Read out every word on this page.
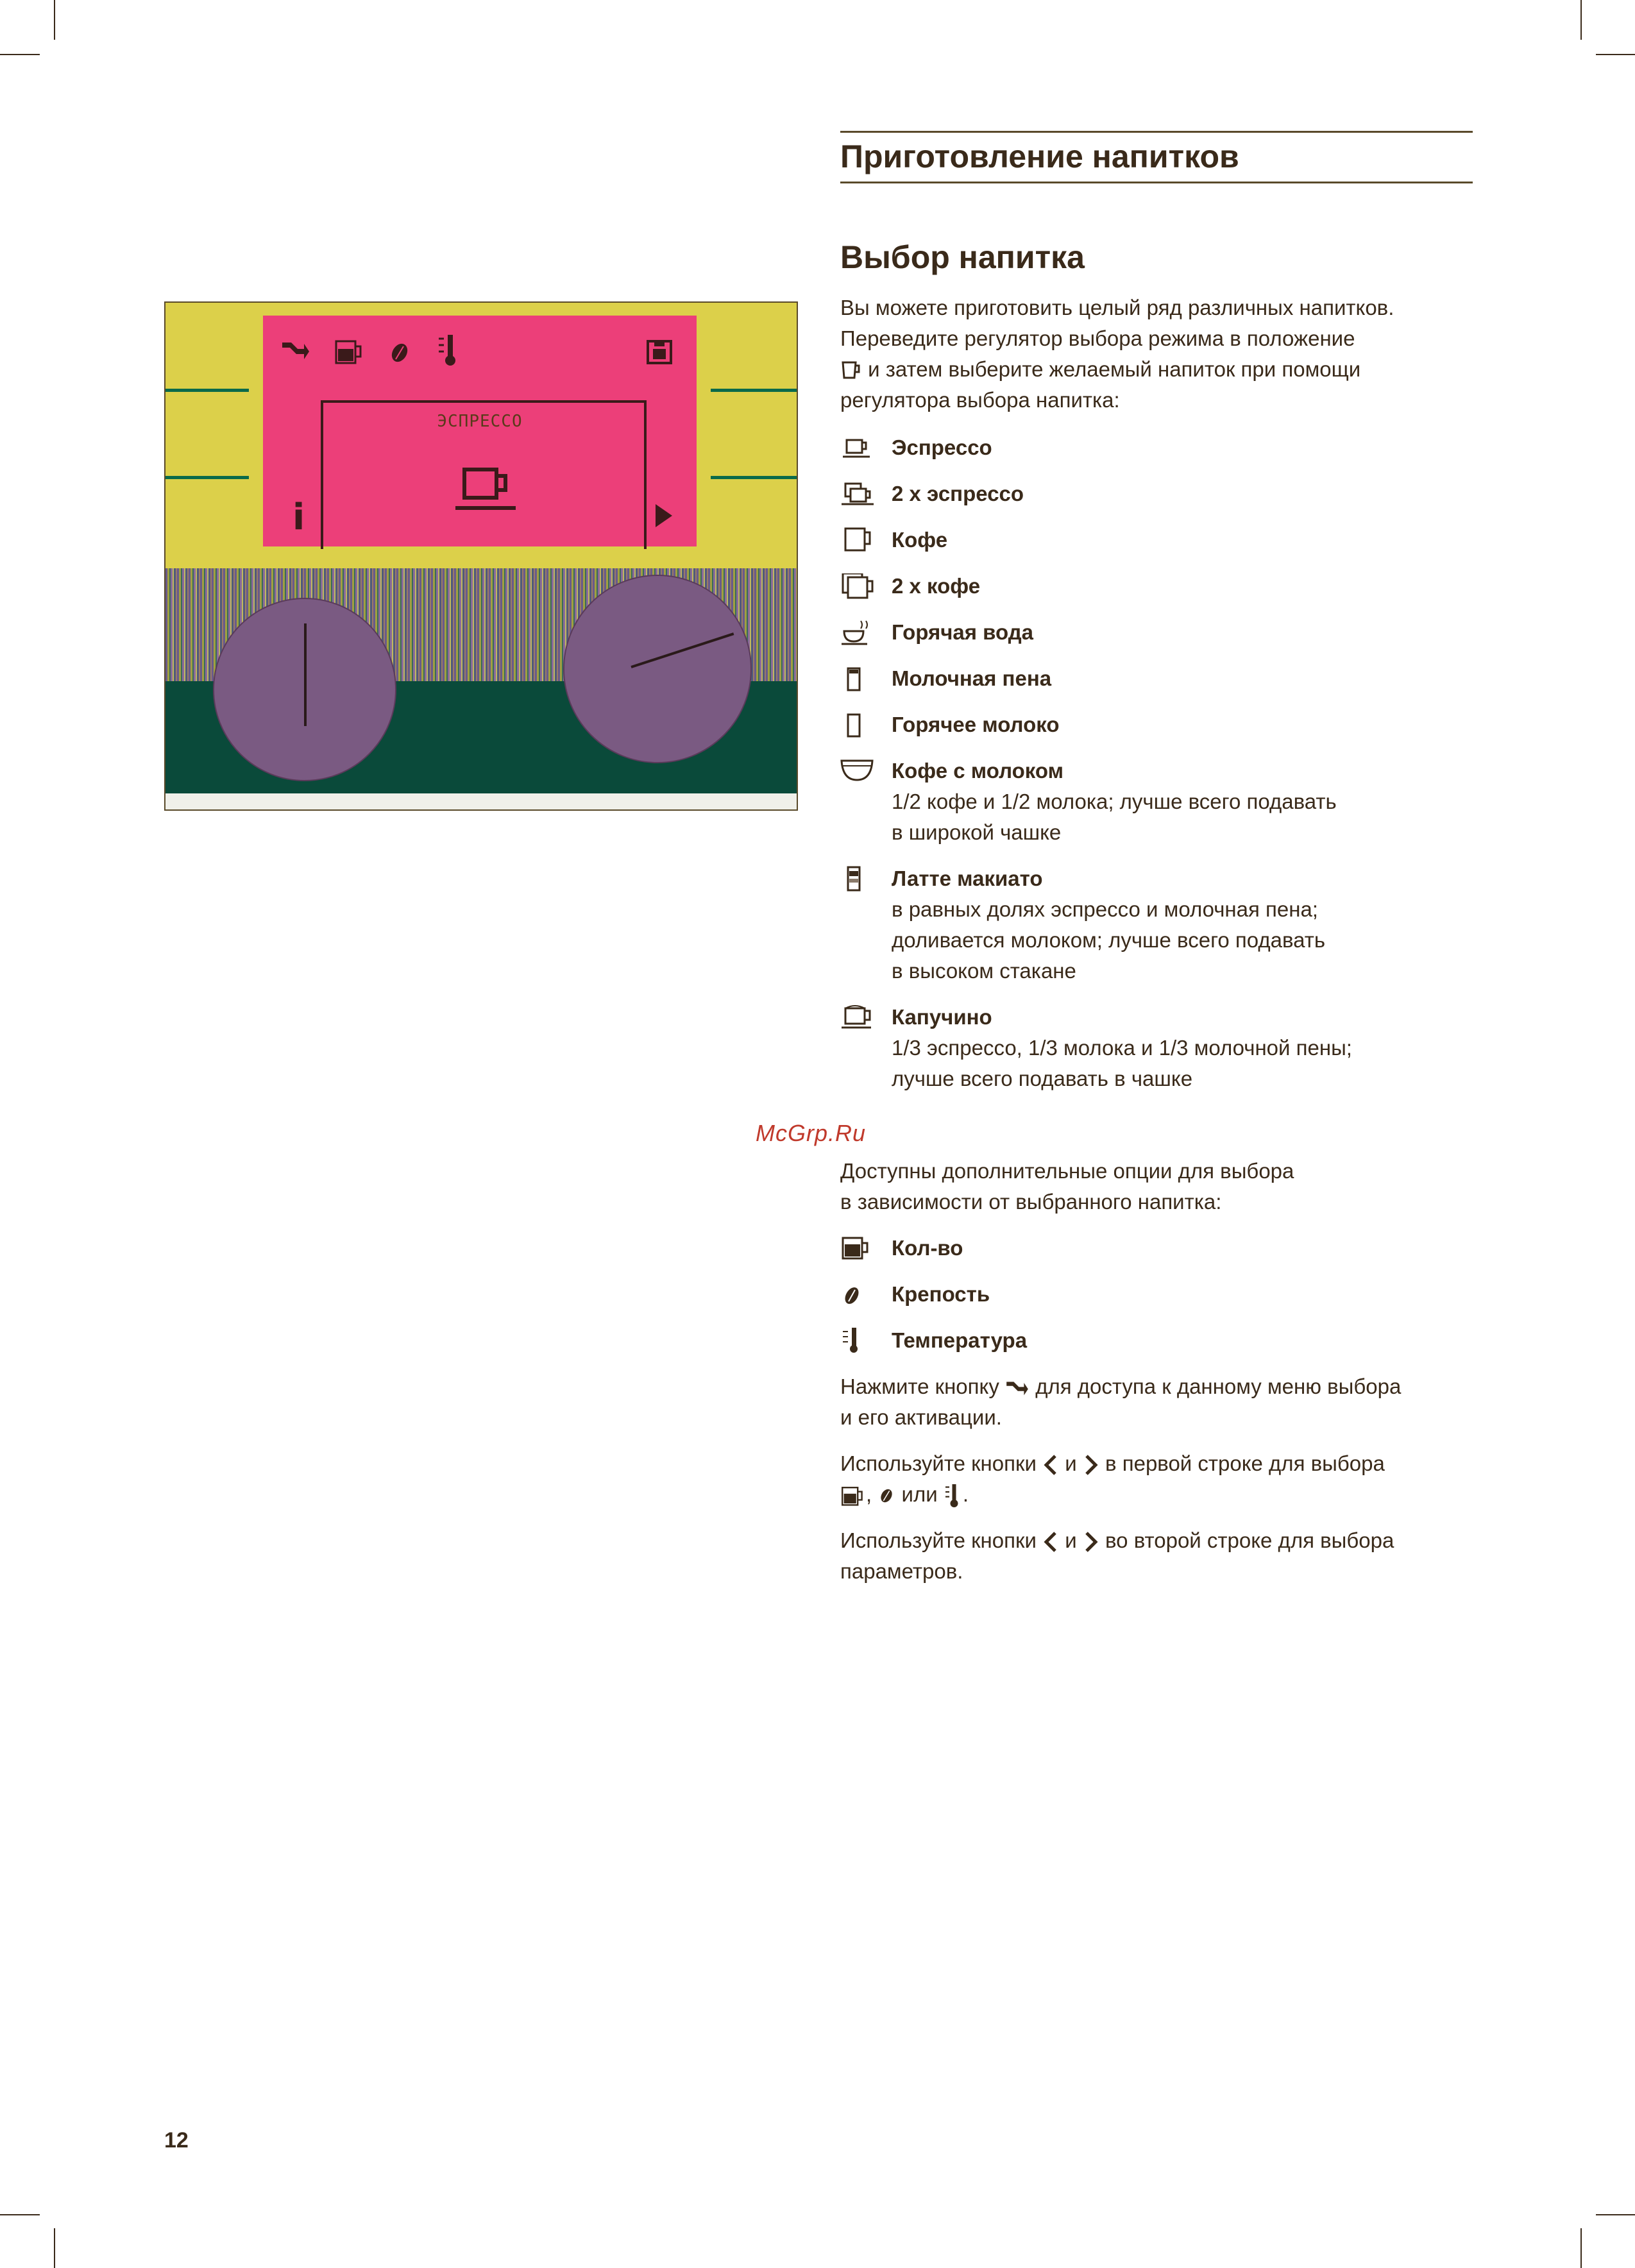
Приготовление напитков
Выбор напитка
ЭСПРЕССО
i
Вы можете приготовить целый ряд различных напитков.
Переведите регулятор выбора режима в положение
и затем выберите желаемый напиток при помощи
регулятора выбора напитка:
Эспрессо
2 х эспрессо
Кофе
2 х кофе
Горячая вода
Молочная пена
Горячее молоко
Кофе с молоком
1/2 кофе и 1/2 молока; лучше всего подавать
в широкой чашке
Латте макиато
в равных долях эспрессо и молочная пена;
доливается молоком; лучше всего подавать
в высоком стакане
Капучино
1/3 эспрессо, 1/3 молока и 1/3 молочной пены;
лучше всего подавать в чашке
McGrp.Ru
Доступны дополнительные опции для выбора
в зависимости от выбранного напитка:
Кол-во
Крепость
Температура
Нажмите кнопку для доступа к данному меню выбора
и его активации.
Используйте кнопки и в первой строке для выбора
, или .
Используйте кнопки и во второй строке для выбора
параметров.
12
